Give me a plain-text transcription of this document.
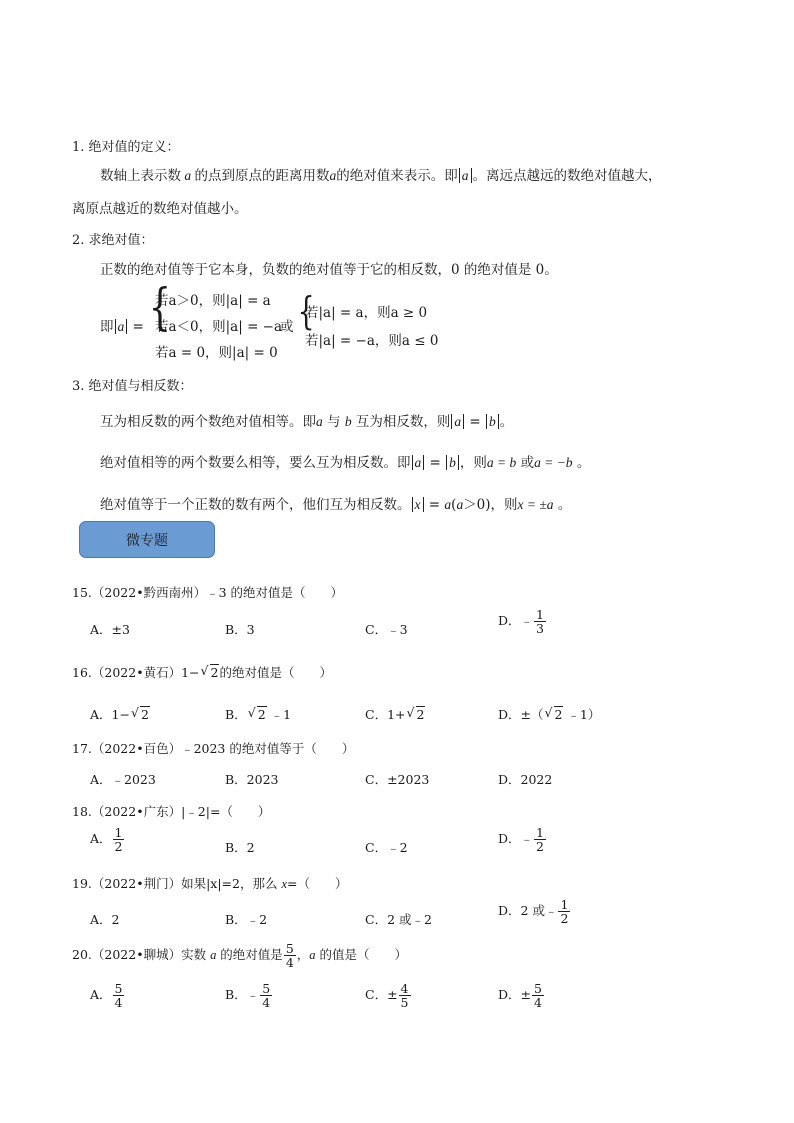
1. 绝对值的定义：
数轴上表示数 a 的点到原点的距离用数a的绝对值来表示。即 a 。离远点越远的数绝对值越大，
离原点越近的数绝对值越小。
2. 求绝对值：
正数的绝对值等于它本身，负数的绝对值等于它的相反数，0 的绝对值是 0。
即 a = {
若a＞0，则|a| = a
若a＜0，则|a| = −a
若a = 0，则|a| = 0
或 {
若|a| = a，则a ≥ 0
若|a| = −a，则a ≤ 0
3. 绝对值与相反数：
互为相反数的两个数绝对值相等。即a 与 b 互为相反数，则 a = b 。
绝对值相等的两个数要么相等，要么互为相反数。即 a = b ，则a = b 或a = −b 。
绝对值等于一个正数的数有两个，他们互为相反数。 x = a(a＞0)，则x = ±a 。
微专题
15.（2022•黔西南州）﹣3 的绝对值是（　　）
A．±3	B．3	C．﹣3
D．﹣ $\frac{1}{3}$
16.（2022•黄石）1− √ 2的绝对值是（　　）
A．1− √ 2	B． √ 2 ﹣1	C．1+ √ 2	D．±（ √ 2 ﹣1）
17.（2022•百色）﹣2023 的绝对值等于（　　）
A．﹣2023	B．2023	C．±2023	D．2022
18.（2022•广东）|﹣2|=（　　）
A． $\frac{1}{2}$	B．2	C．﹣2
D．﹣ $\frac{1}{2}$
19.（2022•荆门）如果|x|=2，那么 x=（　　）
A．2	B．﹣2	C．2 或﹣2
D．2 或﹣ $\frac{1}{2}$
20.（2022•聊城）实数 a 的绝对值是 $\frac{5}{4}$ ，a 的值是（　　）
A． $\frac{5}{4}$	B．﹣ $\frac{5}{4}$	C．± $\frac{4}{5}$	D．± $\frac{5}{4}$
